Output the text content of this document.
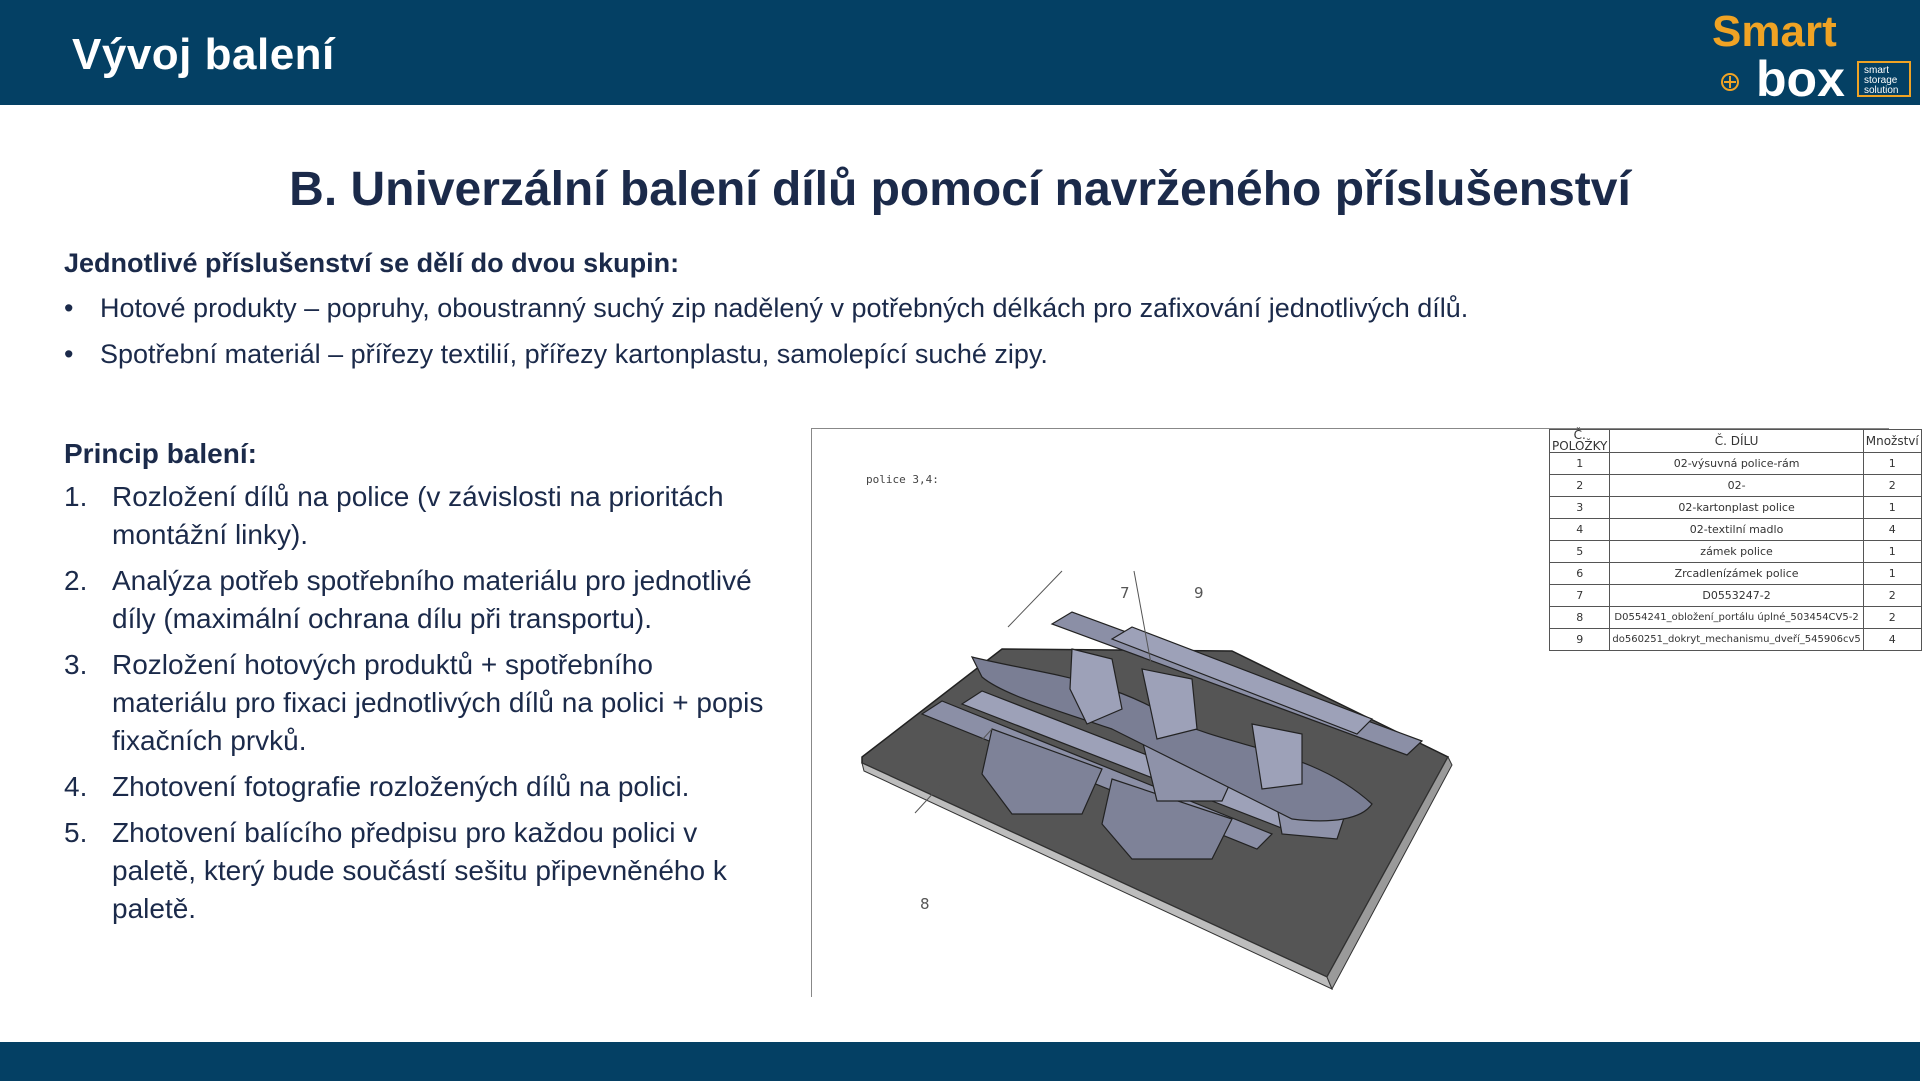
Vývoj balení	Smart
box smart
storage
solution
B. Univerzální balení dílů pomocí navrženého příslušenství
Jednotlivé příslušenství se dělí do dvou skupin:
• Hotové produkty – popruhy, oboustranný suchý zip nadělený v potřebných délkách pro zafixování jednotlivých dílů.
• Spotřební materiál – přířezy textilií, přířezy kartonplastu, samolepící suché zipy.
Princip balení:
1. Rozložení dílů na police (v závislosti na prioritách montážní linky).
2. Analýza potřeb spotřebního materiálu pro jednotlivé díly (maximální ochrana dílu při transportu).
3. Rozložení hotových produktů + spotřebního materiálu pro fixaci jednotlivých dílů na polici + popis fixačních prvků.
4. Zhotovení fotografie rozložených dílů na polici.
5. Zhotovení balícího předpisu pro každou polici v paletě, který bude součástí sešitu připevněného k paletě.
police 3,4:
7	9
8
Č. POLOŽKY	Č. DÍLU	Množství
1	02-výsuvná police-rám	1
2	02-	2
3	02-kartonplast police	1
4	02-textilní madlo	4
5	zámek police	1
6	Zrcadlenízámek police	1
7	D0553247-2	2
8	D0554241_obložení_portálu úplné_503454CV5-2	2
9	do560251_dokryt_mechanismu_dveří_545906cv5	4
